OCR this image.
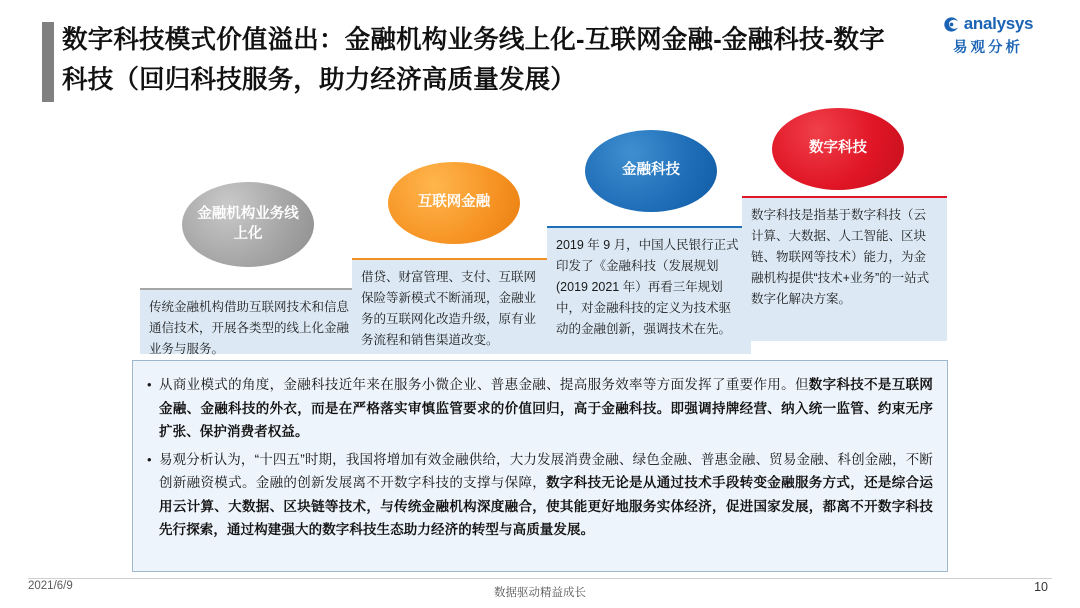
数字科技模式价值溢出：金融机构业务线上化-互联网金融-金融科技-数字科技（回归科技服务，助力经济高质量发展）
analysys
易观分析
金融机构业务线上化
互联网金融
金融科技
数字科技
传统金融机构借助互联网技术和信息通信技术，开展各类型的线上化金融业务与服务。
借贷、财富管理、支付、互联网保险等新模式不断涌现，金融业务的互联网化改造升级，原有业务流程和销售渠道改变。
2019 年 9 月，中国人民银行正式印发了《金融科技（发展规划 (2019 2021 年）再看三年规划中，对金融科技的定义为技术驱动的金融创新，强调技术在先。
数字科技是指基于数字科技（云计算、大数据、人工智能、区块链、物联网等技术）能力，为金融机构提供“技术+业务”的一站式数字化解决方案。
• 从商业模式的角度，金融科技近年来在服务小微企业、普惠金融、提高服务效率等方面发挥了重要作用。但数字科技不是互联网金融、金融科技的外衣，而是在严格落实审慎监管要求的价值回归，高于金融科技。即强调持牌经营、纳入统一监管、约束无序扩张、保护消费者权益。
• 易观分析认为，“十四五”时期，我国将增加有效金融供给，大力发展消费金融、绿色金融、普惠金融、贸易金融、科创金融，不断创新融资模式。金融的创新发展离不开数字科技的支撑与保障，数字科技无论是从通过技术手段转变金融服务方式，还是综合运用云计算、大数据、区块链等技术，与传统金融机构深度融合，使其能更好地服务实体经济，促进国家发展，都离不开数字科技先行探索，通过构建强大的数字科技生态助力经济的转型与高质量发展。
2021/6/9
数据驱动精益成长	10
